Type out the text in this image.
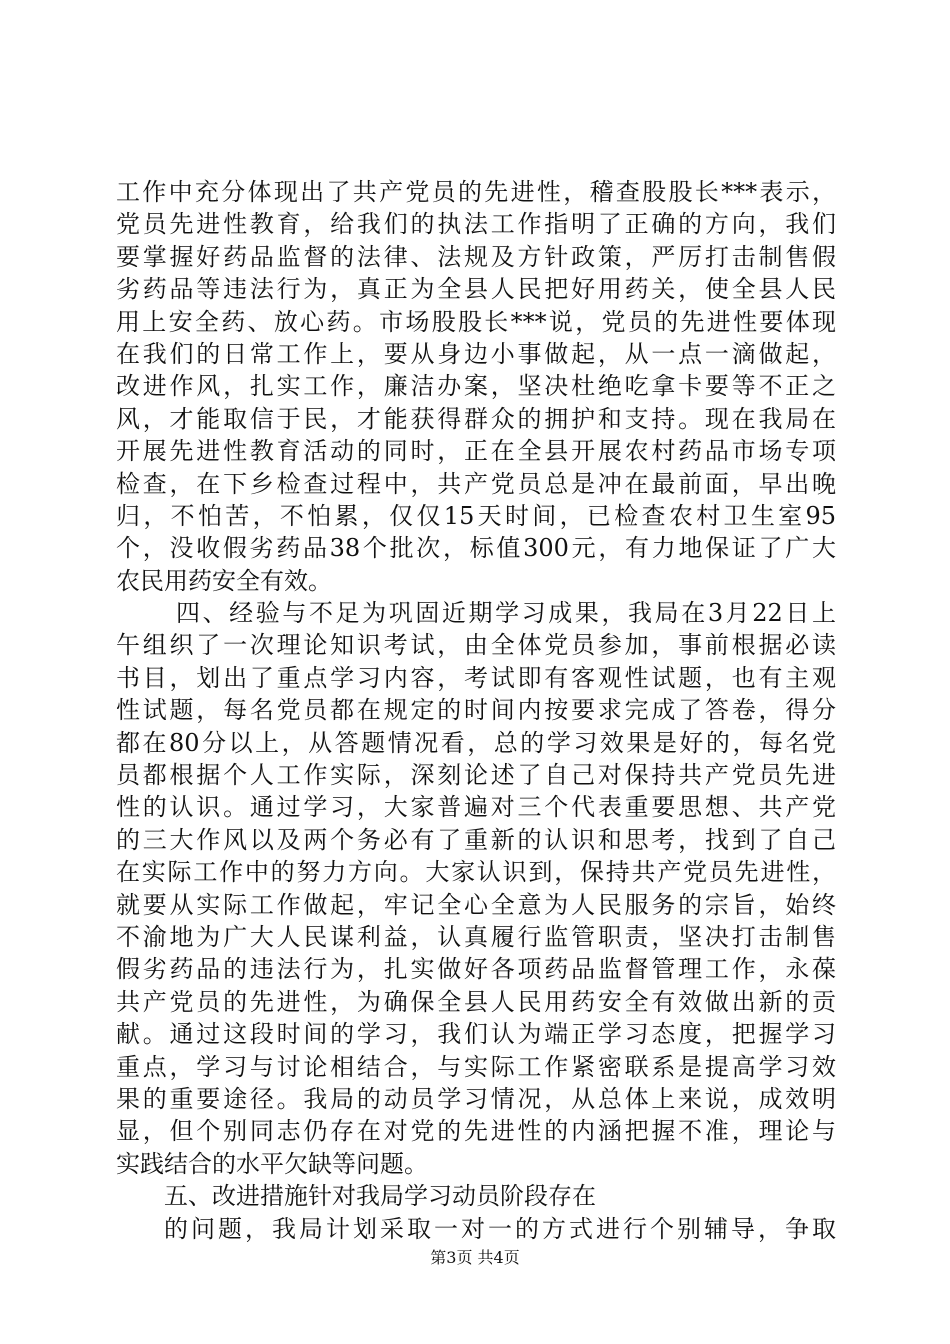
工作中充分体现出了共产党员的先进性，稽查股股长***表示，
党员先进性教育，给我们的执法工作指明了正确的方向，我们
要掌握好药品监督的法律、法规及方针政策，严厉打击制售假
劣药品等违法行为，真正为全县人民把好用药关，使全县人民
用上安全药、放心药。市场股股长***说，党员的先进性要体现
在我们的日常工作上，要从身边小事做起，从一点一滴做起，
改进作风，扎实工作，廉洁办案，坚决杜绝吃拿卡要等不正之
风，才能取信于民，才能获得群众的拥护和支持。现在我局在
开展先进性教育活动的同时，正在全县开展农村药品市场专项
检查，在下乡检查过程中，共产党员总是冲在最前面，早出晚
归，不怕苦，不怕累，仅仅15天时间，已检查农村卫生室95
个，没收假劣药品38个批次，标值300元，有力地保证了广大
农民用药安全有效。
四、经验与不足为巩固近期学习成果，我局在3月22日上
午组织了一次理论知识考试，由全体党员参加，事前根据必读
书目，划出了重点学习内容，考试即有客观性试题，也有主观
性试题，每名党员都在规定的时间内按要求完成了答卷，得分
都在80分以上，从答题情况看，总的学习效果是好的，每名党
员都根据个人工作实际，深刻论述了自己对保持共产党员先进
性的认识。通过学习，大家普遍对三个代表重要思想、共产党
的三大作风以及两个务必有了重新的认识和思考，找到了自己
在实际工作中的努力方向。大家认识到，保持共产党员先进性，
就要从实际工作做起，牢记全心全意为人民服务的宗旨，始终
不渝地为广大人民谋利益，认真履行监管职责，坚决打击制售
假劣药品的违法行为，扎实做好各项药品监督管理工作，永葆
共产党员的先进性，为确保全县人民用药安全有效做出新的贡
献。通过这段时间的学习，我们认为端正学习态度，把握学习
重点，学习与讨论相结合，与实际工作紧密联系是提高学习效
果的重要途径。我局的动员学习情况，从总体上来说，成效明
显，但个别同志仍存在对党的先进性的内涵把握不准，理论与
实践结合的水平欠缺等问题。
五、改进措施针对我局学习动员阶段存在
的问题，我局计划采取一对一的方式进行个别辅导，争取
第3页 共4页
